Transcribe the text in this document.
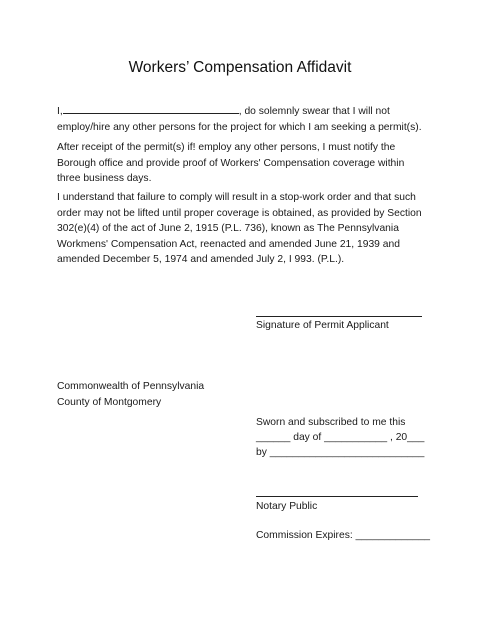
Workers’ Compensation Affidavit

I,	, do solemnly swear that I will not employ/hire any other persons for the project for which I am seeking a permit(s).

After receipt of the permit(s) if! employ any other persons, I must notify the Borough office and provide proof of Workers' Compensation coverage within three business days.

I understand that failure to comply will result in a stop-work order and that such order may not be lifted until proper coverage is obtained, as provided by Section 302(e)(4) of the act of June 2, 1915 (P.L. 736), known as The Pennsylvania Workmens' Compensation Act, reenacted and amended June 21, 1939 and amended December 5, 1974 and amended July 2, I 993. (P.L.).

Signature of Permit Applicant

Commonwealth of Pennsylvania

County of Montgomery

Sworn and subscribed to me this

______ day of ___________ , 20___

by ___________________________

Notary Public

Commission Expires: _____________
